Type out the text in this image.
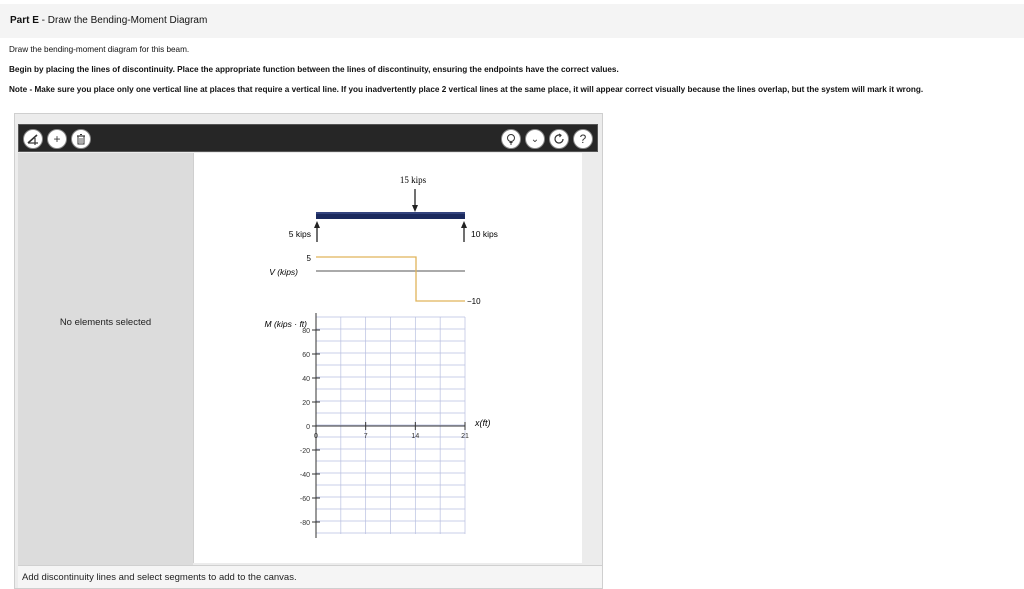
Part E - Draw the Bending-Moment Diagram
Draw the bending-moment diagram for this beam.
Begin by placing the lines of discontinuity. Place the appropriate function between the lines of discontinuity, ensuring the endpoints have the correct values.
Note - Make sure you place only one vertical line at places that require a vertical line. If you inadvertently place 2 vertical lines at the same place, it will appear correct visually because the lines overlap, but the system will mark it wrong.
+	⌄	?
No elements selected
15 kips
5 kips	10 kips
5
V (kips)
−10
M (kips · ft)
80
60
40
20
0
-20
-40
-60
-80
0	7	14	21
x(ft)
Add discontinuity lines and select segments to add to the canvas.
